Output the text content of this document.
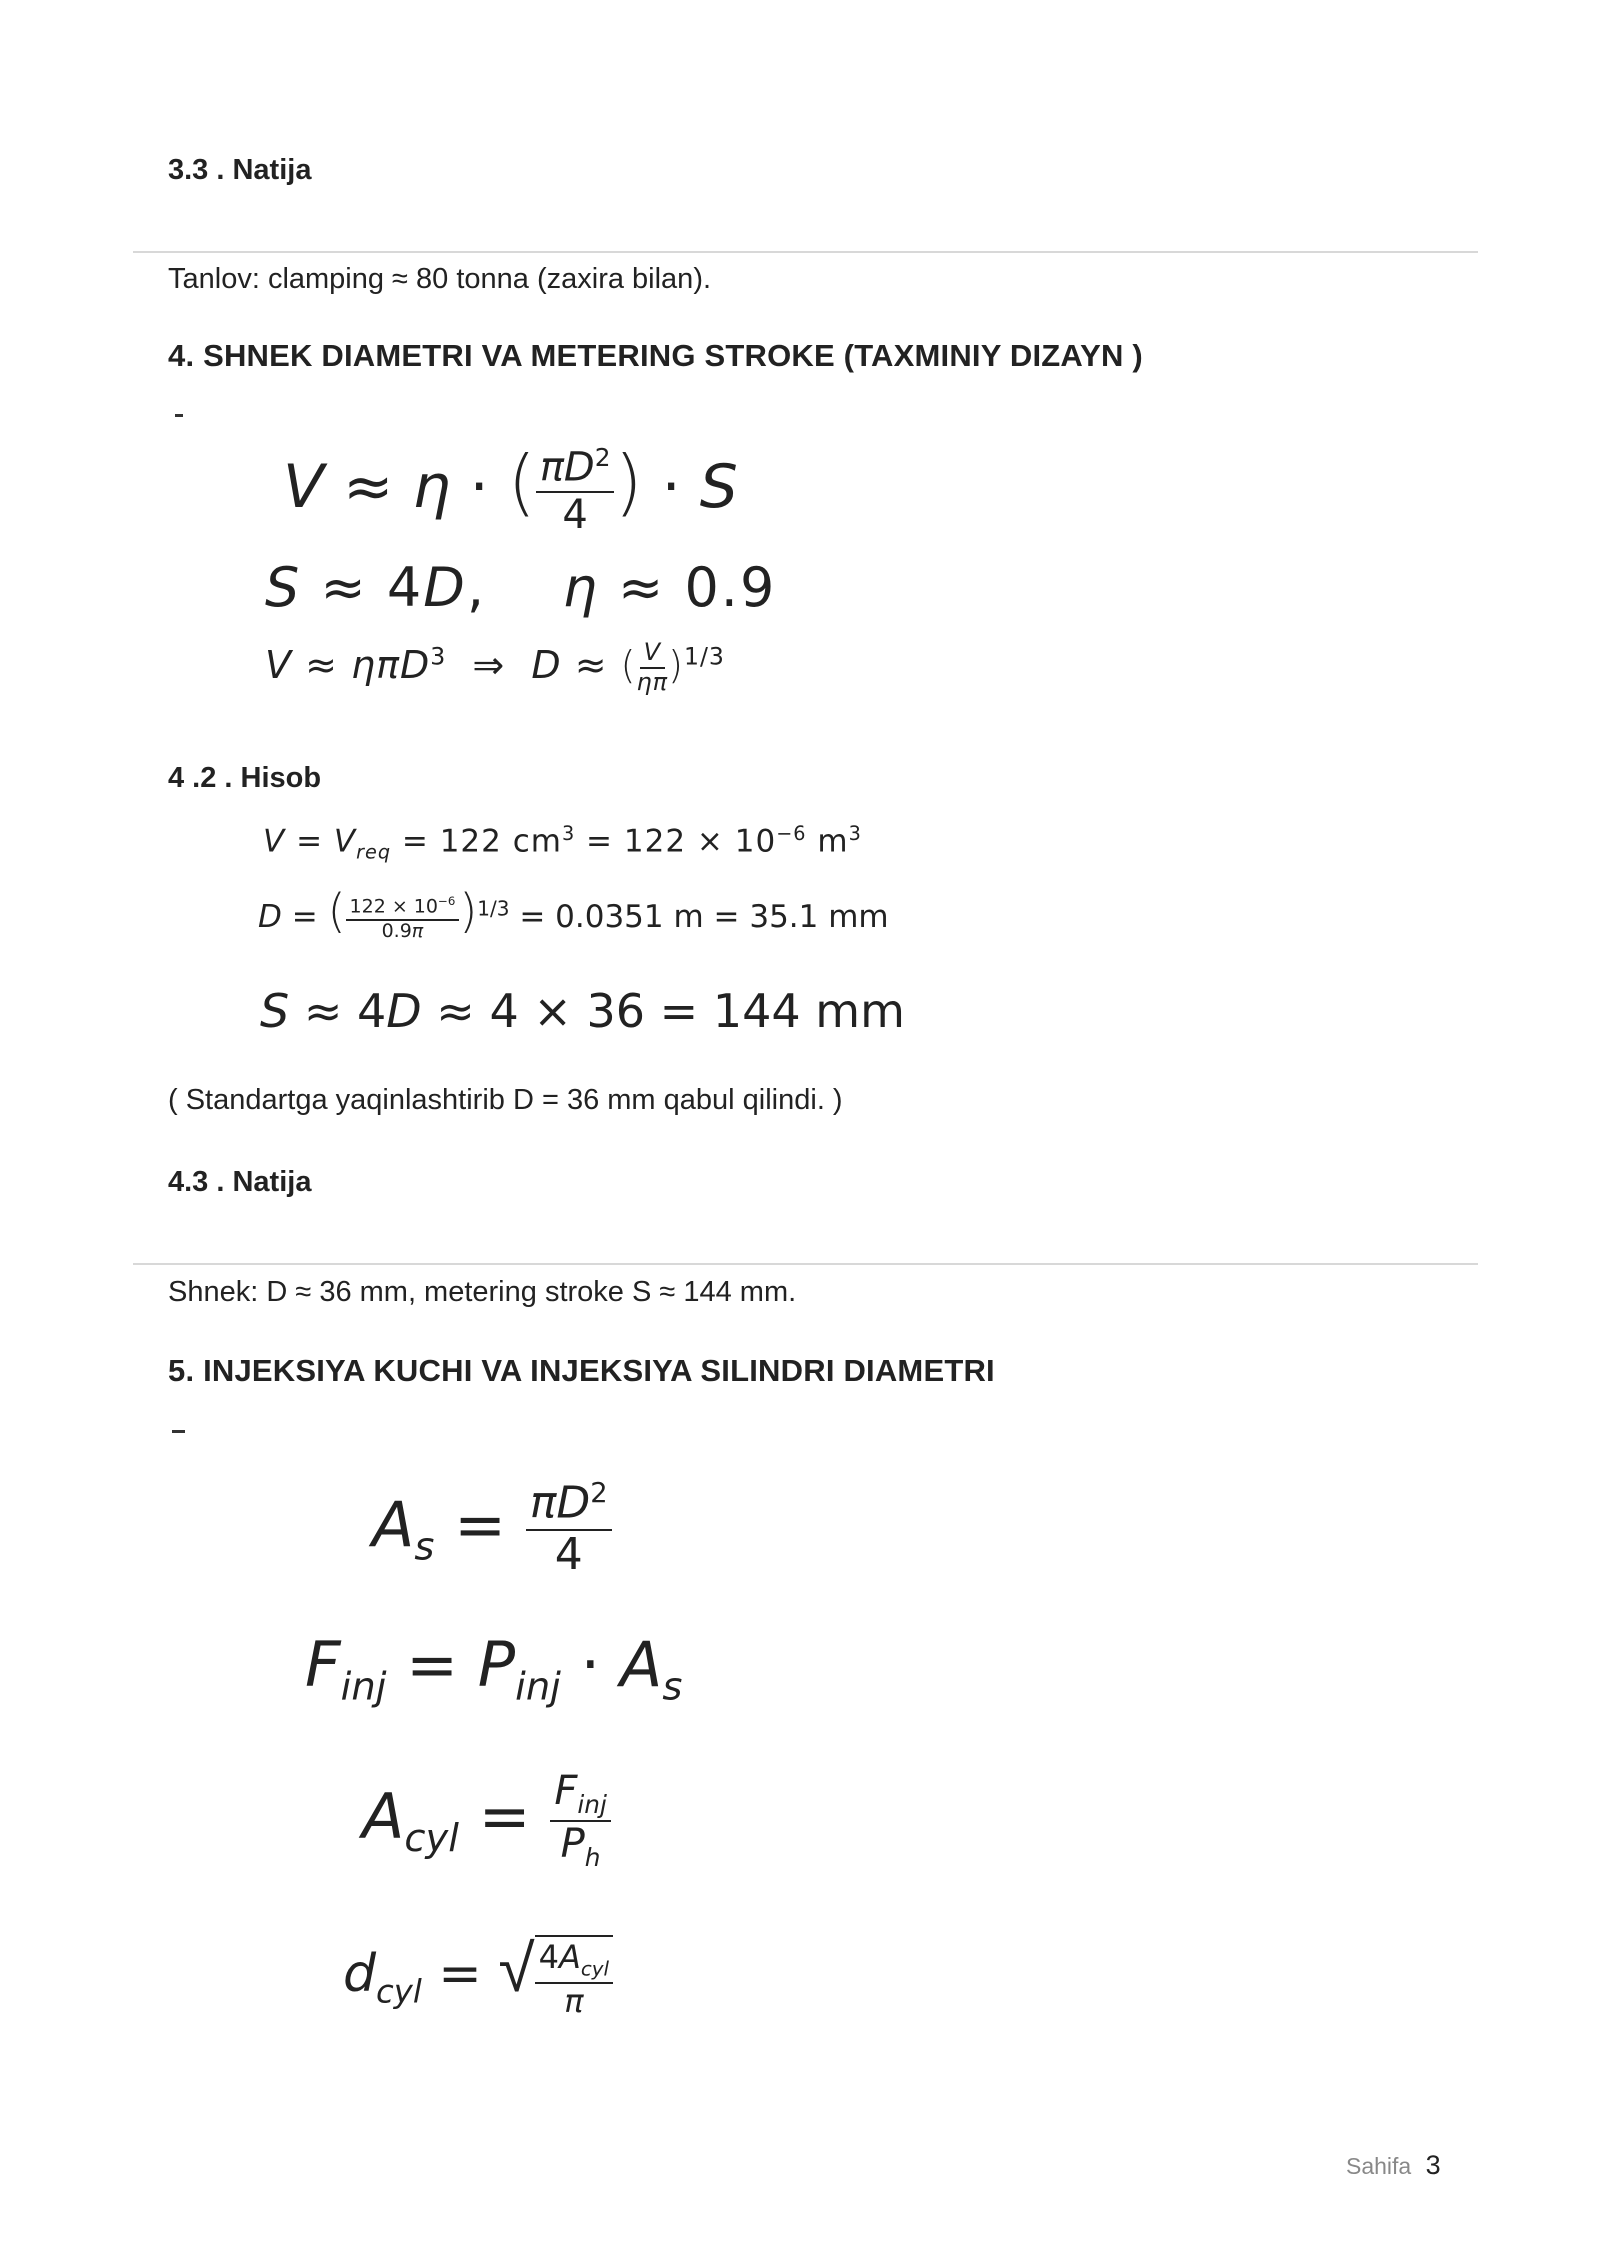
3.3 . Natija
Tanlov: clamping ≈ 80 tonna (zaxira bilan).
4. SHNEK DIAMETRI VA METERING STROKE (TAXMINIY DIZAYN )
V ≈ η · ( $\frac{\pi D^2}{4}$ ) · S
S ≈ 4D,    η ≈ 0.9
V ≈ ηπD$^3$  ⇒  D ≈ ( $\frac{V}{\eta\pi} )^{1/3}$
4 .2 . Hisob
$V = V_{req} = 122$ $cm^3 = 122 \times 10^{-6}$ $m^3$
D = ( $\frac{122 \times 10^{-6}}{0.9\pi} )^{1/3} = 0.0351$ m = 35.1 mm
S ≈ 4D ≈ 4 × 36 = 144 mm
( Standartga yaqinlashtirib D = 36 mm qabul qilindi. )
4.3 . Natija
Shnek: D ≈ 36 mm, metering stroke S ≈ 144 mm.
5. INJEKSIYA KUCHI VA INJEKSIYA SILINDRI DIAMETRI
$A_s = \frac{\pi D^2}{4}$
$F_{inj} = P_{inj} \cdot A_s$
$A_{cyl} = \frac{F_{inj}}{P_h}$
$d_{cyl}$ = √ $\frac{4A_{cyl}}{\pi}$
Sahifa 3
